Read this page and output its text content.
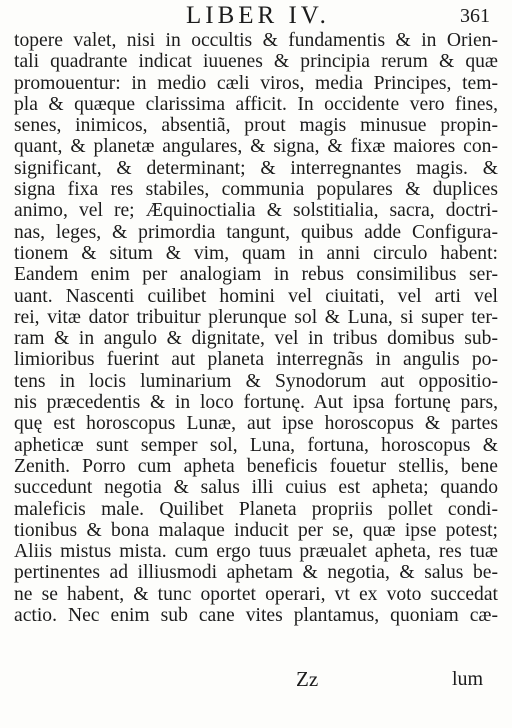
LIBER IV.	361
topere valet, nisi in occultis & fundamentis & in Orien-
tali quadrante indicat iuuenes & principia rerum & quæ
promouentur: in medio cæli viros, media Principes, tem-
pla & quæque clarissima afficit. In occidente vero fines,
senes, inimicos, absentiã, prout magis minusue propin-
quant, & planetæ angulares, & signa, & fixæ maiores con-
significant, & determinant; & interregnantes magis. &
signa fixa res stabiles, communia populares & duplices
animo, vel re; Æquinoctialia & solstitialia, sacra, doctri-
nas, leges, & primordia tangunt, quibus adde Configura-
tionem & situm & vim, quam in anni circulo habent:
Eandem enim per analogiam in rebus consimilibus ser-
uant. Nascenti cuilibet homini vel ciuitati, vel arti vel
rei, vitæ dator tribuitur plerunque sol & Luna, si super ter-
ram & in angulo & dignitate, vel in tribus domibus sub-
limioribus fuerint aut planeta interregnãs in angulis po-
tens in locis luminarium & Synodorum aut oppositio-
nis præcedentis & in loco fortunę. Aut ipsa fortunę pars,
quę est horoscopus Lunæ, aut ipse horoscopus & partes
apheticæ sunt semper sol, Luna, fortuna, horoscopus &
Zenith. Porro cum apheta beneficis fouetur stellis, bene
succedunt negotia & salus illi cuius est apheta; quando
maleficis male. Quilibet Planeta propriis pollet condi-
tionibus & bona malaque inducit per se, quæ ipse potest;
Aliis mistus mista. cum ergo tuus præualet apheta, res tuæ
pertinentes ad illiusmodi aphetam & negotia, & salus be-
ne se habent, & tunc oportet operari, vt ex voto succedat
actio. Nec enim sub cane vites plantamus, quoniam cæ-
Zz	lum
